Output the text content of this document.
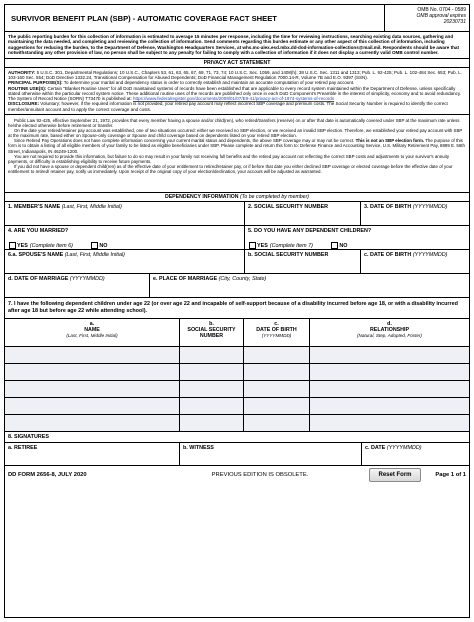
SURVIVOR BENEFIT PLAN (SBP) - AUTOMATIC COVERAGE FACT SHEET
OMB No. 0704 - 0589
OMB approval expires
20230731
The public reporting burden for this collection of information is estimated to average 15 minutes per response, including the time for reviewing instructions, searching existing data sources, gathering and maintaining the data needed, and completing and reviewing the collection of information. Send comments regarding this burden estimate or any other aspect of this collection of information, including suggestions for reducing the burden, to the Department of Defense, Washington Headquarters Services, at whs.mc-alex.esd.mbx.dd-dod-information-collections@mail.mil. Respondents should be aware that notwithstanding any other provision of law, no person shall be subject to any penalty for failing to comply with a collection of information if it does not display a currently valid OMB control number.
PRIVACY ACT STATEMENT
AUTHORITY: 5 U.S.C. 301, Departmental Regulations; 10 U.S.C., Chapters 53, 61, 63, 65, 67, 69, 71, 73, 74; 10 U.S.C. Sec. 1059, and 1408(h); 38 U.S.C. Sec. 1311 and 1313; Pub. L. 92-425; Pub. L. 102-484 Sec. 653; Pub. L. 103-160 Sec. 554; DoD Directive 1332.24, Transitional Compensation for Abused Dependents; DoD Financial Management Regulation 7000.14-R, Volume 7B and E.O. 9397 (SSN).
PRINCIPAL PURPOSE(S): To determine your marital and dependency status in order to correctly establish and maintain an accurate computation of your retired pay account.
ROUTINE USE(S): Certain "Blanket Routine Uses" for all DoD maintained systems of records have been established that are applicable to every record system maintained within the Department of Defense, unless specifically stated otherwise within the particular record system notice. These additional routine uses of the records are published only once in each DoD Component's Preamble in the interest of simplicity, economy and to avoid redundancy. The System of Record Notice (SORN) T7347b is published at: https://www.federalregister.gov/documents/2009/01/07/E9-41/privacy-act-of-1974-systems-of-records
DISCLOSURE: Voluntary; however, if the required information is not provided, your retired pay account may reflect incorrect SBP coverage and premium costs. The Social Security Number is required to identify the correct member/annuitant account and to apply the correct coverage and costs.

Public Law 92-425, effective September 21, 1972, provides that every member having a spouse and/or child(ren), who retired/transfers (reserve) on or after that date is automatically covered under SBP at the maximum rate unless he/she elected otherwise before retirement or transfer.

On the date your retired/retainer pay account was established, one of two situations occurred: either we received no SBP election, or we received an invalid SBP election. Therefore, we established your retired pay account with SBP at the maximum rate, based either on Spouse-only coverage or Spouse and child coverage based on dependents listed on your retired SBP election.

Since Retired Pay Operations does not have complete information concerning your current marital status and dependents, the above SBP coverage may or may not be correct. This is not an SBP election form. The purpose of this form is to obtain a listing of all eligible members of your family to be listed as eligible beneficiaries under SBP. Please complete and return this form to: Defense Finance and Accounting Service, U.S. Military Retirement Pay, 8899 E. 56th Street, Indianapolis, IN 46249-1200.

You are not required to provide this information, but failure to do so may result in your family not receiving full benefits and the retired pay account not reflecting the correct SBP costs and adjustments to your survivor's annuity payments, or difficulty in establishing eligibility to receive future payments.

If you did not have a spouse or dependent child(ren) as of the effective date of your entitlement to retired/retainer pay, or if before that date you either declined SBP coverage or elected coverage before the effective date of your entitlement to retired/ retainer pay, notify us immediately. Upon receipt of the original copy of your election/declination, your account will be adjusted as warranted.

DEPENDENCY INFORMATION (To be completed by member)
1. MEMBER'S NAME (Last, First, Middle Initial)	2. SOCIAL SECURITY NUMBER	3. DATE OF BIRTH (YYYYMMDD)
4. ARE YOU MARRIED?
YES (Complete Item 6)
	NO
5. DO YOU HAVE ANY DEPENDENT CHILDREN?
YES (Complete Item 7)
	NO
6.a. SPOUSE'S NAME (Last, First, Middle Initial)	b. SOCIAL SECURITY NUMBER	c. DATE OF BIRTH (YYYYMMDD)
d. DATE OF MARRIAGE (YYYYMMDD)	e. PLACE OF MARRIAGE (City, County, State)
7. I have the following dependent children under age 22 (or over age 22 and incapable of self-support because of a disability incurred before age 18, or with a disability incurred after age 18 but before age 22 while attending school).
a.
NAME
(Last, First, Middle Initial)
b.
SOCIAL SECURITY NUMBER
c.
DATE OF BIRTH
(YYYYMMDD)
d.
RELATIONSHIP
(Natural, Step, Adopted, Foster)
8. SIGNATURES
a. RETIREE	b. WITNESS	c. DATE (YYYYMMDD)
DD FORM 2656-8, JULY 2020	PREVIOUS EDITION IS OBSOLETE.	Reset Form	Page 1 of 1
